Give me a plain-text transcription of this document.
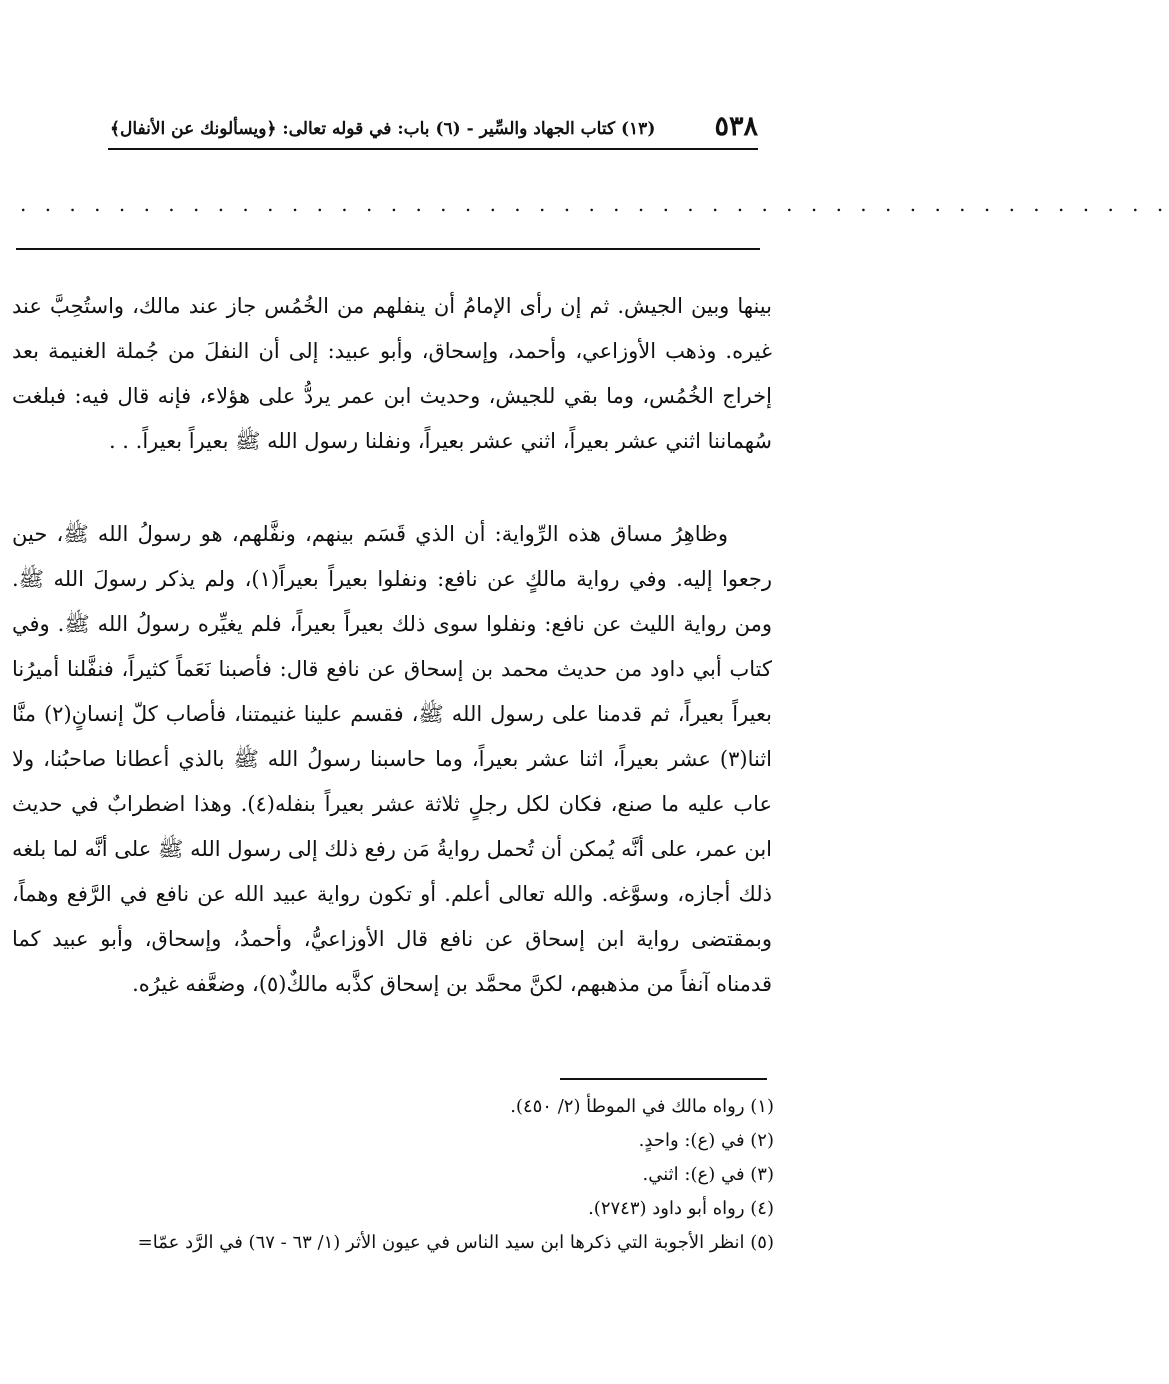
٥٣٨
(١٣) كتاب الجهاد والسِّير - (٦) باب: في قوله تعالى: ﴿ويسألونك عن الأنفال﴾
. . . . . . . . . . . . . . . . . . . . . . . . . . . . . . . . . . . . . . . . . . . . . . .

بينها وبين الجيش. ثم إن رأى الإمامُ أن ينفلهم من الخُمُس جاز عند مالك، واستُحِبَّ عند غيره. وذهب الأوزاعي، وأحمد، وإسحاق، وأبو عبيد: إلى أن النفلَ من جُملة الغنيمة بعد إخراج الخُمُس، وما بقي للجيش، وحديث ابن عمر يردُّ على هؤلاء، فإنه قال فيه: فبلغت سُهماننا اثني عشر بعيراً، اثني عشر بعيراً، ونفلنا رسول الله ﷺ بعيراً بعيراً. . .

وظاهِرُ مساق هذه الرِّواية: أن الذي قَسَم بينهم، ونفَّلهم، هو رسولُ الله ﷺ، حين رجعوا إليه. وفي رواية مالكٍ عن نافع: ونفلوا بعيراً بعيراً(١)، ولم يذكر رسولَ الله ﷺ. ومن رواية الليث عن نافع: ونفلوا سوى ذلك بعيراً بعيراً، فلم يغيِّره رسولُ الله ﷺ. وفي كتاب أبي داود من حديث محمد بن إسحاق عن نافع قال: فأصبنا نَعَماً كثيراً، فنفَّلنا أميرُنا بعيراً بعيراً، ثم قدمنا على رسول الله ﷺ، فقسم علينا غنيمتنا، فأصاب كلّ إنسانٍ(٢) منَّا اثنا(٣) عشر بعيراً، اثنا عشر بعيراً، وما حاسبنا رسولُ الله ﷺ بالذي أعطانا صاحبُنا، ولا عاب عليه ما صنع، فكان لكل رجلٍ ثلاثة عشر بعيراً بنفله(٤). وهذا اضطرابٌ في حديث ابن عمر، على أنَّه يُمكن أن تُحمل روايةُ مَن رفع ذلك إلى رسول الله ﷺ على أنَّه لما بلغه ذلك أجازه، وسوَّغه. والله تعالى أعلم. أو تكون رواية عبيد الله عن نافع في الرَّفع وهماً، وبمقتضى رواية ابن إسحاق عن نافع قال الأوزاعيُّ، وأحمدُ، وإسحاق، وأبو عبيد كما قدمناه آنفاً من مذهبهم، لكنَّ محمَّد بن إسحاق كذَّبه مالكٌ(٥)، وضعَّفه غيرُه.

(١) رواه مالك في الموطأ (٢/ ٤٥٠).
(٢) في (ع): واحدٍ.
(٣) في (ع): اثني.
(٤) رواه أبو داود (٢٧٤٣).
(٥) انظر الأجوبة التي ذكرها ابن سيد الناس في عيون الأثر (١/ ٦٣ - ٦٧) في الرَّد عمّا=
